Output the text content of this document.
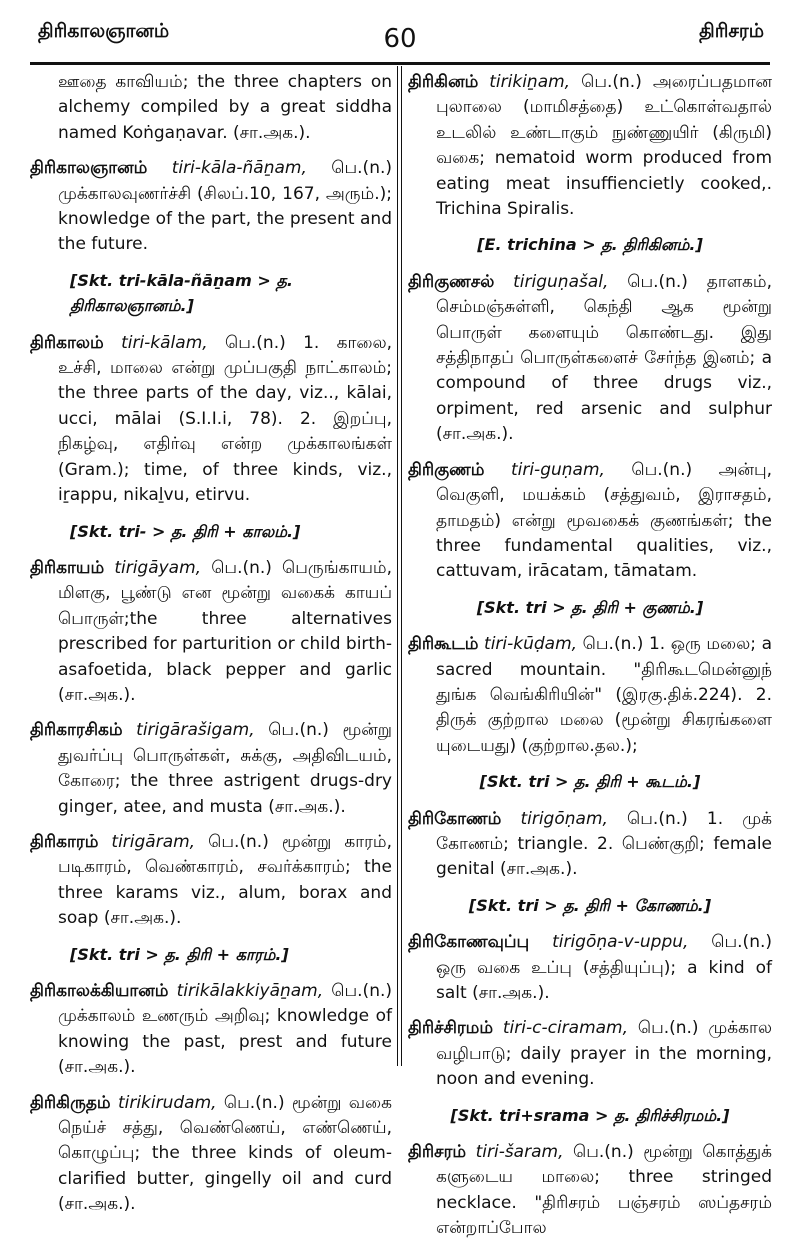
திரிகாலஞானம்	60	திரிசரம்
ஊதை காவியம்; the three chapters on alchemy compiled by a great siddha named Koṅgaṇavar. (சா.அக.).
திரிகாலஞானம் tiri-kāla-ñāṉam, பெ.(n.) முக்காலவுணர்ச்சி (சிலப்.10, 167, அரும்.); knowledge of the part, the present and the future.
[Skt. tri-kāla-ñāṉam > த. திரிகாலஞானம்.]
திரிகாலம் tiri-kālam, பெ.(n.) 1. காலை, உச்சி, மாலை என்று முப்பகுதி நாட்காலம்; the three parts of the day, viz.., kālai, ucci, mālai (S.I.I.i, 78). 2. இறப்பு, நிகழ்வு, எதிர்வு என்ற முக்காலங்கள் (Gram.); time, of three kinds, viz., iṟappu, nikaḻvu, etirvu.
[Skt. tri- > த. திரி + காலம்.]
திரிகாயம் tirigāyam, பெ.(n.) பெருங்காயம், மிளகு, பூண்டு என மூன்று வகைக் காயப் பொருள்;the three alternatives prescribed for parturition or child birth-asafoetida, black pepper and garlic (சா.அக.).
திரிகாரசிகம் tirigārašigam, பெ.(n.) மூன்று துவர்ப்பு பொருள்கள், சுக்கு, அதிவிடயம், கோரை; the three astrigent drugs-dry ginger, atee, and musta (சா.அக.).
திரிகாரம் tirigāram, பெ.(n.) மூன்று காரம், படிகாரம், வெண்காரம், சவர்க்காரம்; the three karams viz., alum, borax and soap (சா.அக.).
[Skt. tri > த. திரி + காரம்.]
திரிகாலக்கியானம் tirikālakkiyāṉam, பெ.(n.) முக்காலம் உணரும் அறிவு; knowledge of knowing the past, prest and future (சா.அக.).
திரிகிருதம் tirikirudam, பெ.(n.) மூன்று வகை நெய்ச் சத்து, வெண்ணெய், எண்ணெய், கொழுப்பு; the three kinds of oleum-clarified butter, gingelly oil and curd (சா.அக.).
திரிகினம் tirikiṉam, பெ.(n.) அரைப்பதமான புலாலை (மாமிசத்தை) உட்கொள்வதால் உடலில் உண்டாகும் நுண்ணுயிர் (கிருமி) வகை; nematoid worm produced from eating meat insuffiencietly cooked,. Trichina Spiralis.
[E. trichina > த. திரிகினம்.]
திரிகுணசல் tiriguṇašal, பெ.(n.) தாளகம், செம்மஞ்சுள்ளி, கெந்தி ஆக மூன்று பொருள் களையும் கொண்டது. இது சத்திநாதப் பொருள்களைச் சேர்ந்த இனம்; a compound of three drugs viz., orpiment, red arsenic and sulphur (சா.அக.).
திரிகுணம் tiri-guṇam, பெ.(n.) அன்பு, வெகுளி, மயக்கம் (சத்துவம், இராசதம், தாமதம்) என்று மூவகைக் குணங்கள்; the three fundamental qualities, viz., cattuvam, irācatam, tāmatam.
[Skt. tri > த. திரி + குணம்.]
திரிகூடம் tiri-kūḍam, பெ.(n.) 1. ஒரு மலை; a sacred mountain. "திரிகூடமென்னுந் துங்க வெங்கிரியின்" (இரகு.திக்.224). 2. திருக் குற்றால மலை (மூன்று சிகரங்களை யுடையது) (குற்றால.தல.);
[Skt. tri > த. திரி + கூடம்.]
திரிகோணம் tirigōṇam, பெ.(n.) 1. முக் கோணம்; triangle. 2. பெண்குறி; female genital (சா.அக.).
[Skt. tri > த. திரி + கோணம்.]
திரிகோணவுப்பு tirigōṇa-v-uppu, பெ.(n.) ஒரு வகை உப்பு (சத்தியுப்பு); a kind of salt (சா.அக.).
திரிச்சிரமம் tiri-c-ciramam, பெ.(n.) முக்கால வழிபாடு; daily prayer in the morning, noon and evening.
[Skt. tri+srama > த. திரிச்சிரமம்.]
திரிசரம் tiri-šaram, பெ.(n.) மூன்று கொத்துக் களுடைய மாலை; three stringed necklace. "திரிசரம் பஞ்சரம் ஸப்தசரம் என்றாப்போல
